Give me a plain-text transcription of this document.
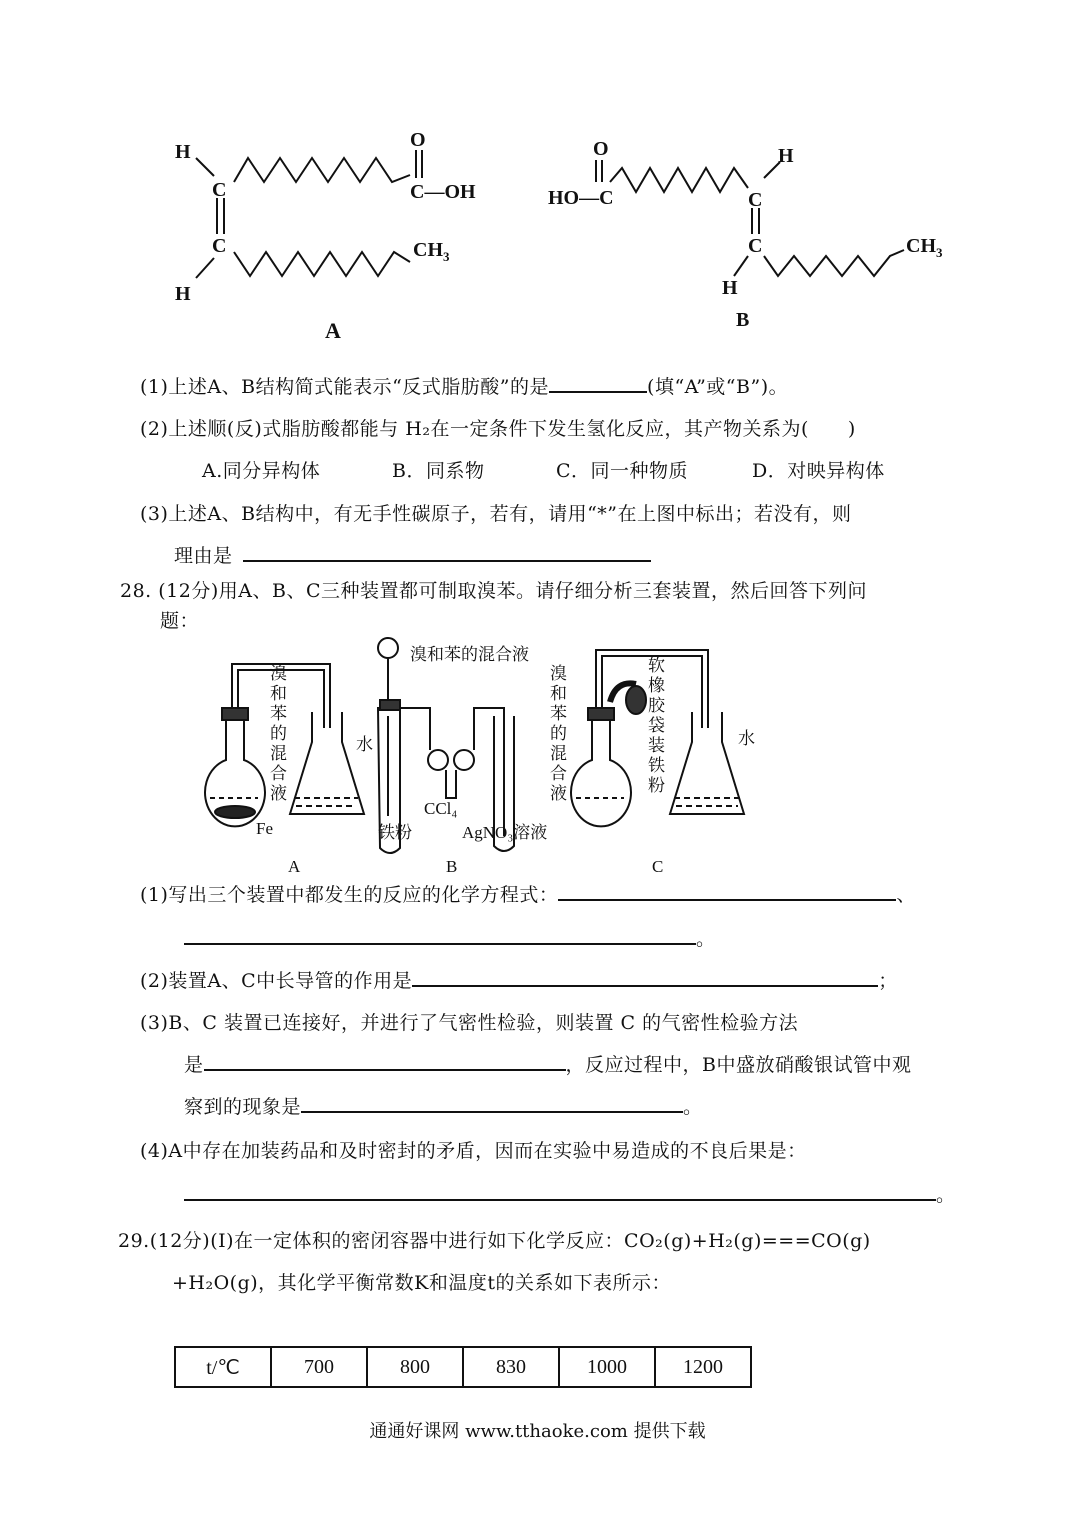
H
C
C
H
O
C—OH
$CH_3$
A
O
HO—C
H
C
C
H
$CH_3$
B
(1)上述A、B结构简式能表示“反式脂肪酸”的是	(填“A”或“B”)。
(2)上述顺(反)式脂肪酸都能与 H₂在一定条件下发生氢化反应，其产物关系为(　　)
A.同分异构体	B．同系物	C．同一种物质	D．对映异构体
(3)上述A、B结构中，有无手性碳原子，若有，请用“*”在上图中标出；若没有，则
理由是
28. (12分)用A、B、C三种装置都可制取溴苯。请仔细分析三套装置，然后回答下列问
题：
A	B	C
Fe	铁粉
CCl₄
AgNO₃溶液
溴和苯的混合液
水	水
溴和苯的混合液
溴和苯的混合液
软橡胶袋装铁粉
(1)写出三个装置中都发生的反应的化学方程式：	、
。
(2)装置A、C中长导管的作用是	；
(3)B、C 装置已连接好，并进行了气密性检验，则装置 C 的气密性检验方法
是	，反应过程中，B中盛放硝酸银试管中观
察到的现象是	。
(4)A中存在加装药品和及时密封的矛盾，因而在实验中易造成的不良后果是：
。
29.(12分)(Ⅰ)在一定体积的密闭容器中进行如下化学反应：CO₂(g)+H₂(g)===CO(g)
+H₂O(g)，其化学平衡常数K和温度t的关系如下表所示：
t/℃	700	800	830	1000	1200
通通好课网 www.tthaoke.com 提供下载
